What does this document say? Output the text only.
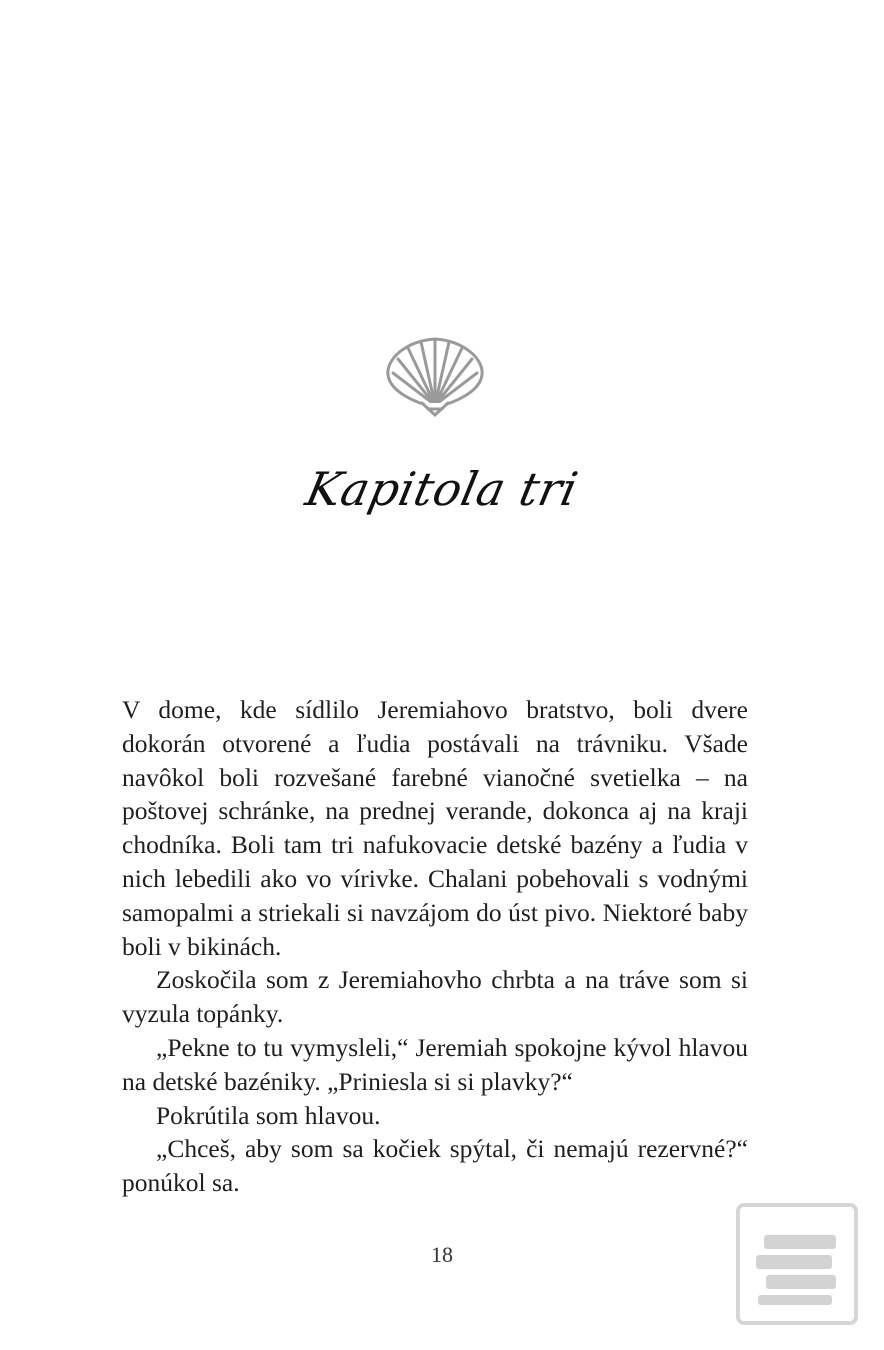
Kapitola tri

V dome, kde sídlilo Jeremiahovo bratstvo, boli dvere dokorán otvorené a ľudia postávali na trávniku. Všade navôkol boli rozvešané farebné vianočné svetielka – na poštovej schránke, na prednej verande, dokonca aj na kraji chodníka. Boli tam tri nafukovacie detské bazény a ľudia v nich lebedili ako vo vírivke. Chalani pobehovali s vodnými samopalmi a striekali si navzájom do úst pivo. Niektoré baby boli v bikinách.

Zoskočila som z Jeremiahovho chrbta a na tráve som si vyzula topánky.

„Pekne to tu vymysleli,“ Jeremiah spokojne kývol hlavou na detské bazéniky. „Priniesla si si plavky?“

Pokrútila som hlavou.

„Chceš, aby som sa kočiek spýtal, či nemajú rezervné?“ ponúkol sa.

18
